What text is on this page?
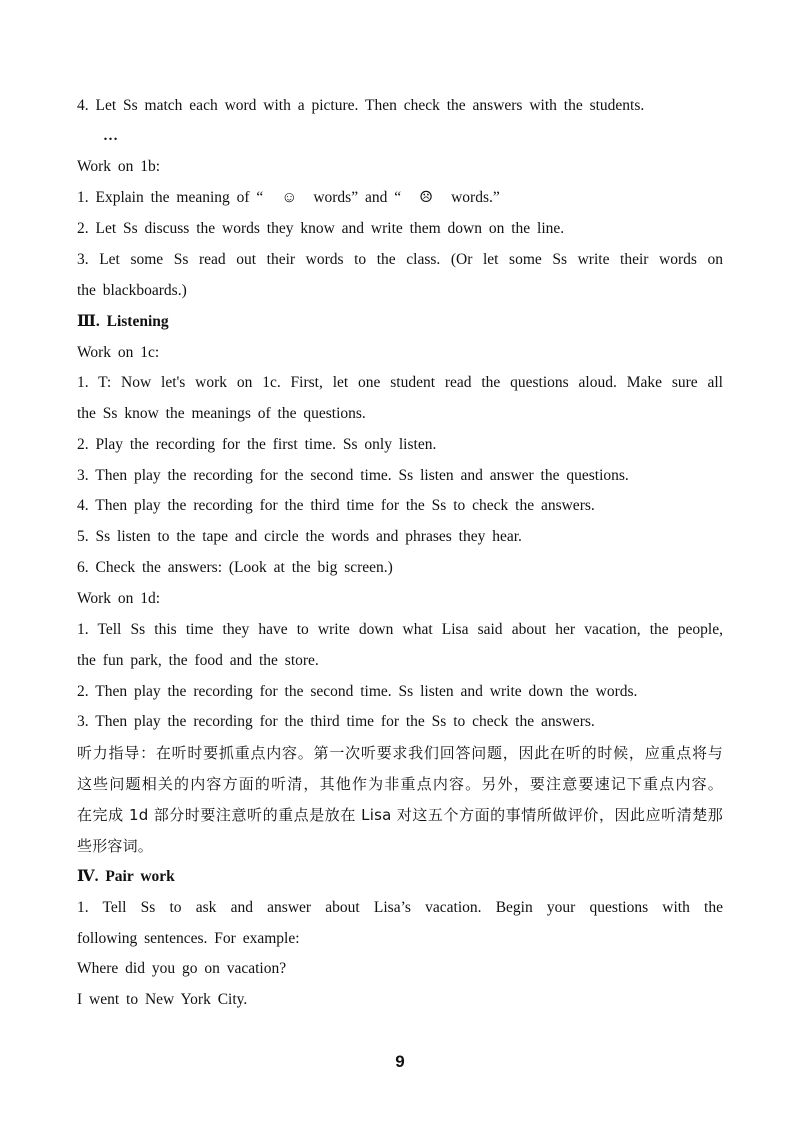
4. Let Ss match each word with a picture. Then check the answers with the students.
…
Work on 1b:
1. Explain the meaning of “ ☺ words” and “ ☹ words.”
2. Let Ss discuss the words they know and write them down on the line.
3. Let some Ss read out their words to the class. (Or let some Ss write their words on
the blackboards.)
Ⅲ. Listening
Work on 1c:
1. T: Now let's work on 1c. First, let one student read the questions aloud. Make sure all
the Ss know the meanings of the questions.
2. Play the recording for the first time. Ss only listen.
3. Then play the recording for the second time. Ss listen and answer the questions.
4. Then play the recording for the third time for the Ss to check the answers.
5. Ss listen to the tape and circle the words and phrases they hear.
6. Check the answers: (Look at the big screen.)
Work on 1d:
1. Tell Ss this time they have to write down what Lisa said about her vacation, the people,
the fun park, the food and the store.
2. Then play the recording for the second time. Ss listen and write down the words.
3. Then play the recording for the third time for the Ss to check the answers.
听力指导：在听时要抓重点内容。第一次听要求我们回答问题，因此在听的时候，应重点将与
这些问题相关的内容方面的听清，其他作为非重点内容。另外，要注意要速记下重点内容。
在完成 1d 部分时要注意听的重点是放在 Lisa 对这五个方面的事情所做评价，因此应听清楚那
些形容词。
Ⅳ. Pair work
1. Tell Ss to ask and answer about Lisa’s vacation. Begin your questions with the
following sentences. For example:
Where did you go on vacation?
I went to New York City.
9
